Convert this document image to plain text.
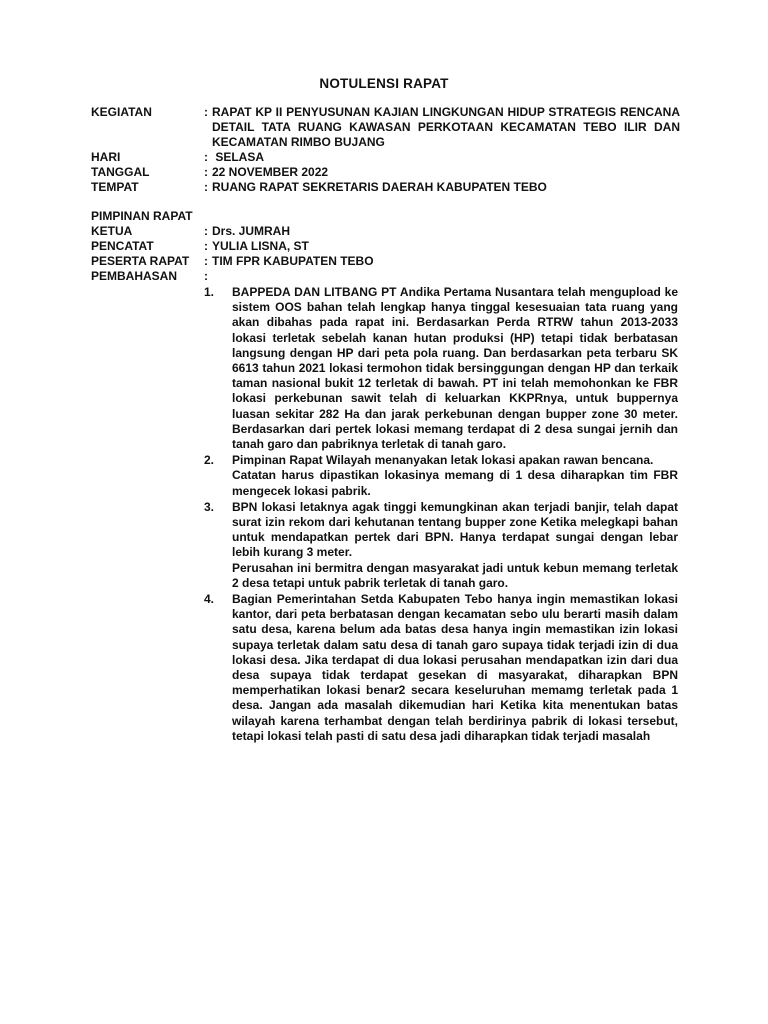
NOTULENSI RAPAT
KEGIATAN	: RAPAT KP II PENYUSUNAN KAJIAN LINGKUNGAN HIDUP STRATEGIS RENCANA DETAIL TATA RUANG KAWASAN PERKOTAAN KECAMATAN TEBO ILIR DAN KECAMATAN RIMBO BUJANG
HARI	: SELASA
TANGGAL	: 22 NOVEMBER 2022
TEMPAT	: RUANG RAPAT SEKRETARIS DAERAH KABUPATEN TEBO
PIMPINAN RAPAT
KETUA	: Drs. JUMRAH
PENCATAT	: YULIA LISNA, ST
PESERTA RAPAT	: TIM FPR KABUPATEN TEBO
PEMBAHASAN	:
1.	BAPPEDA DAN LITBANG PT Andika Pertama Nusantara telah mengupload ke sistem OOS bahan telah lengkap hanya tinggal kesesuaian tata ruang yang akan dibahas pada rapat ini. Berdasarkan Perda RTRW tahun 2013-2033 lokasi terletak sebelah kanan hutan produksi (HP) tetapi tidak berbatasan langsung dengan HP dari peta pola ruang. Dan berdasarkan peta terbaru SK 6613 tahun 2021 lokasi termohon tidak bersinggungan dengan HP dan terkaik taman nasional bukit 12 terletak di bawah. PT ini telah memohonkan ke FBR lokasi perkebunan sawit telah di keluarkan KKPRnya, untuk buppernya luasan sekitar 282 Ha dan jarak perkebunan dengan bupper zone 30 meter. Berdasarkan dari pertek lokasi memang terdapat di 2 desa sungai jernih dan tanah garo dan pabriknya terletak di tanah garo.

2.	Pimpinan Rapat Wilayah menanyakan letak lokasi apakan rawan bencana.

Catatan harus dipastikan lokasinya memang di 1 desa diharapkan tim FBR mengecek lokasi pabrik.

3.	BPN lokasi letaknya agak tinggi kemungkinan akan terjadi banjir, telah dapat surat izin rekom dari kehutanan tentang bupper zone Ketika melegkapi bahan untuk mendapatkan pertek dari BPN. Hanya terdapat sungai dengan lebar lebih kurang 3 meter.

Perusahan ini bermitra dengan masyarakat jadi untuk kebun memang terletak 2 desa tetapi untuk pabrik terletak di tanah garo.

4.	Bagian Pemerintahan Setda Kabupaten Tebo hanya ingin memastikan lokasi kantor, dari peta berbatasan dengan kecamatan sebo ulu berarti masih dalam satu desa, karena belum ada batas desa hanya ingin memastikan izin lokasi supaya terletak dalam satu desa di tanah garo supaya tidak terjadi izin di dua lokasi desa. Jika terdapat di dua lokasi perusahan mendapatkan izin dari dua desa supaya tidak terdapat gesekan di masyarakat, diharapkan BPN memperhatikan lokasi benar2 secara keseluruhan memamg terletak pada 1 desa. Jangan ada masalah dikemudian hari Ketika kita menentukan batas wilayah karena terhambat dengan telah berdirinya pabrik di lokasi tersebut, tetapi lokasi telah pasti di satu desa jadi diharapkan tidak terjadi masalah
